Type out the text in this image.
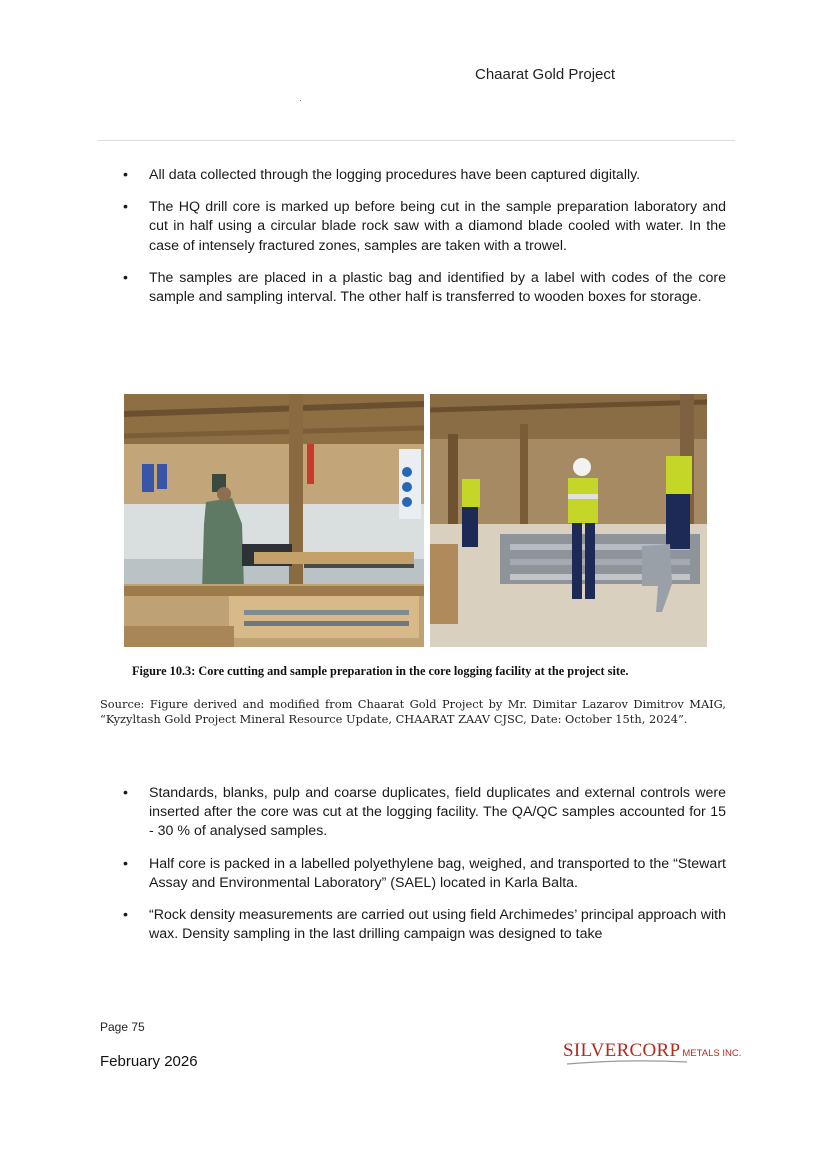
Chaarat Gold Project
• All data collected through the logging procedures have been captured digitally.
• The HQ drill core is marked up before being cut in the sample preparation laboratory and cut in half using a circular blade rock saw with a diamond blade cooled with water. In the case of intensely fractured zones, samples are taken with a trowel.
• The samples are placed in a plastic bag and identified by a label with codes of the core sample and sampling interval. The other half is transferred to wooden boxes for storage.
Figure 10.3: Core cutting and sample preparation in the core logging facility at the project site.
Source: Figure derived and modified from Chaarat Gold Project by Mr. Dimitar Lazarov Dimitrov MAIG, “Kyzyltash Gold Project Mineral Resource Update, CHAARAT ZAAV CJSC, Date: October 15th, 2024”.
• Standards, blanks, pulp and coarse duplicates, field duplicates and external controls were inserted after the core was cut at the logging facility. The QA/QC samples accounted for 15 - 30 % of analysed samples.
• Half core is packed in a labelled polyethylene bag, weighed, and transported to the “Stewart Assay and Environmental Laboratory” (SAEL) located in Karla Balta.
• “Rock density measurements are carried out using field Archimedes’ principal approach with wax. Density sampling in the last drilling campaign was designed to take
Page 75
February 2026
SILVERCORP METALS INC.
